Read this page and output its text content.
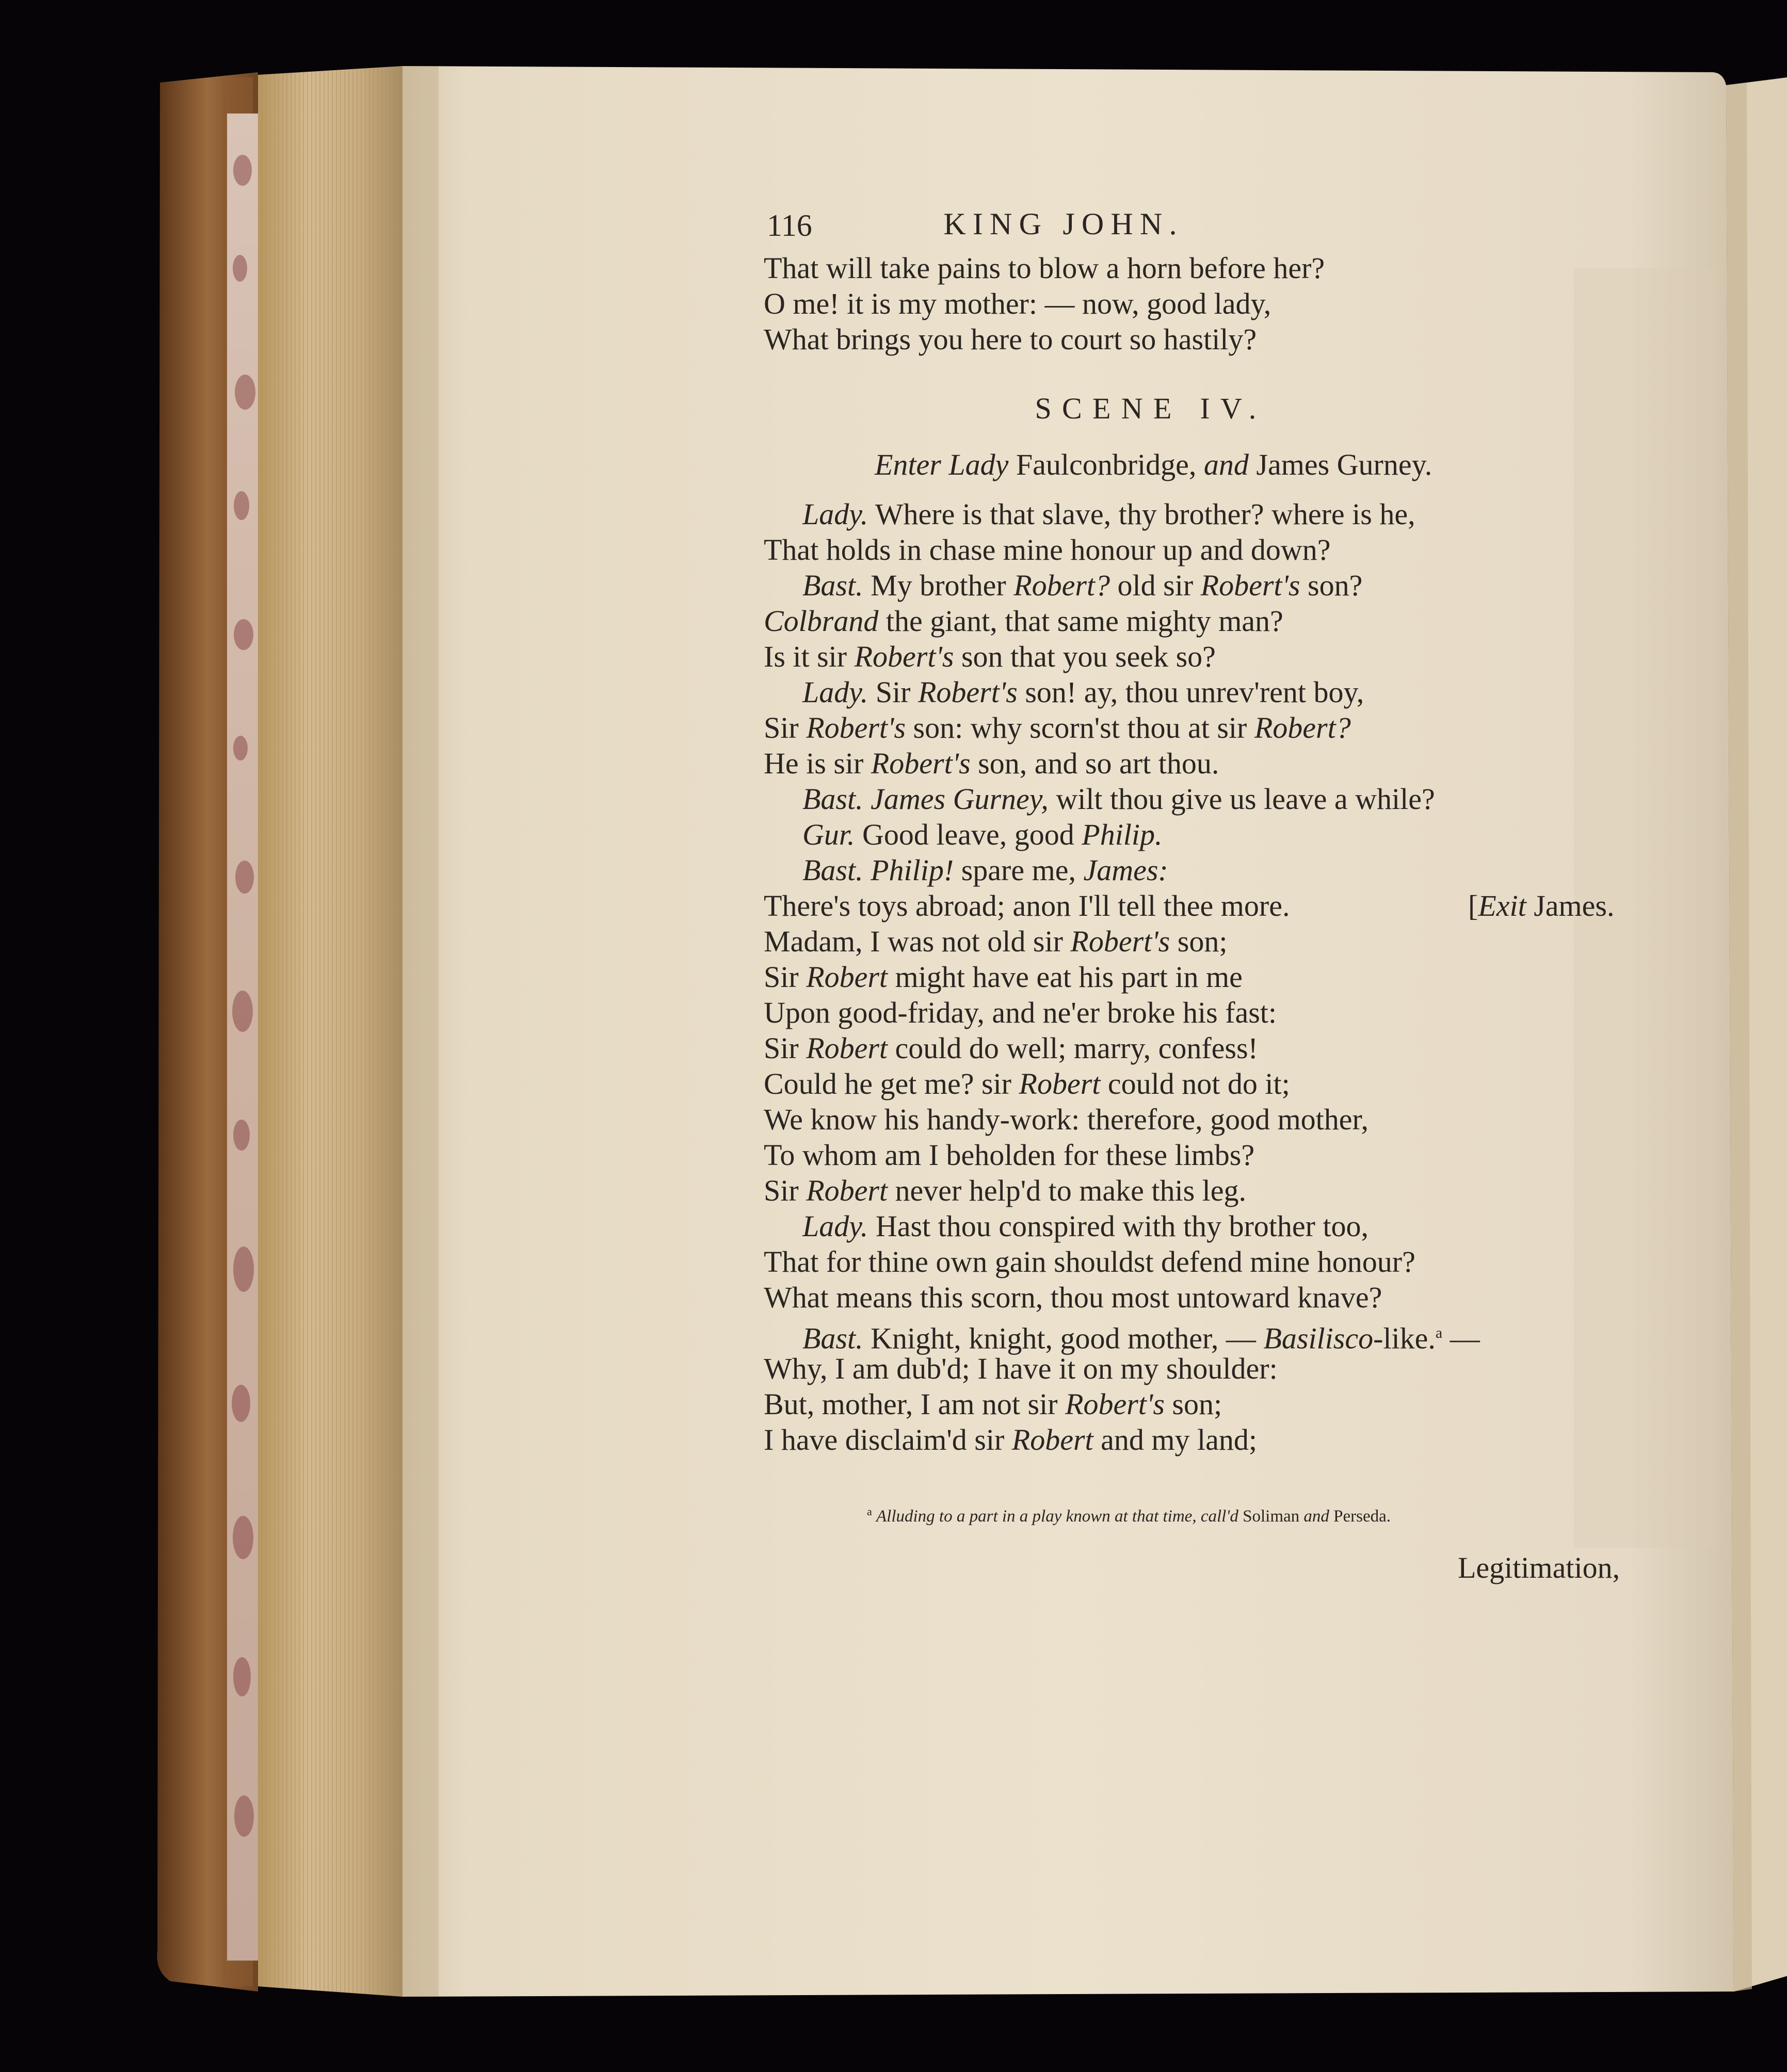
116	KING JOHN.
That will take pains to blow a horn before her?
O me! it is my mother: — now, good lady,
What brings you here to court so hastily?
SCENE IV.
Enter Lady Faulconbridge, and James Gurney.
Lady. Where is that slave, thy brother? where is he,
That holds in chase mine honour up and down?
Bast. My brother Robert? old sir Robert's son?
Colbrand the giant, that same mighty man?
Is it sir Robert's son that you seek so?
Lady. Sir Robert's son! ay, thou unrev'rent boy,
Sir Robert's son: why scorn'st thou at sir Robert?
He is sir Robert's son, and so art thou.
Bast. James Gurney, wilt thou give us leave a while?
Gur. Good leave, good Philip.
Bast. Philip! spare me, James:
There's toys abroad; anon I'll tell thee more.	[Exit James.
Madam, I was not old sir Robert's son;
Sir Robert might have eat his part in me
Upon good-friday, and ne'er broke his fast:
Sir Robert could do well; marry, confess!
Could he get me? sir Robert could not do it;
We know his handy-work: therefore, good mother,
To whom am I beholden for these limbs?
Sir Robert never help'd to make this leg.
Lady. Hast thou conspired with thy brother too,
That for thine own gain shouldst defend mine honour?
What means this scorn, thou most untoward knave?
Bast. Knight, knight, good mother, — Basilisco-like.$^a$ —
Why, I am dub'd; I have it on my shoulder:
But, mother, I am not sir Robert's son;
I have disclaim'd sir Robert and my land;
$^a$ Alluding to a part in a play known at that time, call'd Soliman and Perseda.
Legitimation,
